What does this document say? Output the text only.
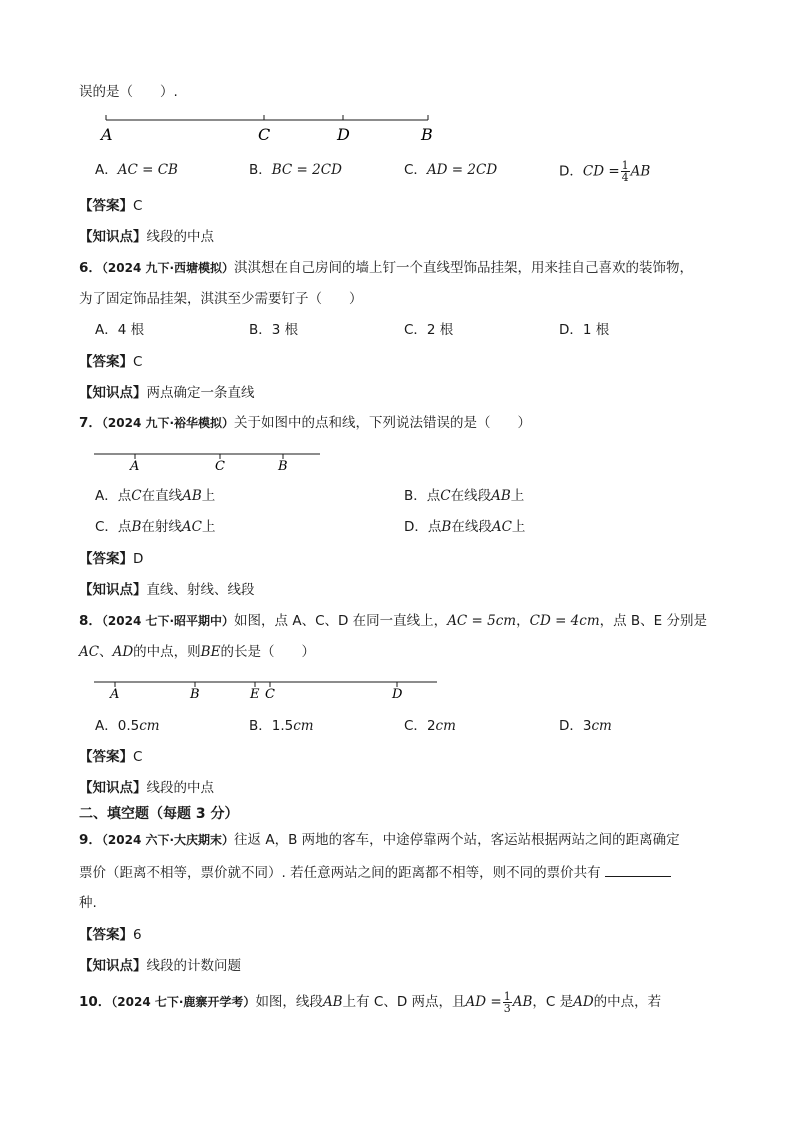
误的是（　　）.
A	C	D	B
A．AC = CB	B．BC = 2CD	C．AD = 2CD	D．CD = $\frac{1}{4}$ AB
【答案】C
【知识点】线段的中点
6．（2024 九下·西塘模拟）淇淇想在自己房间的墙上钉一个直线型饰品挂架，用来挂自己喜欢的装饰物，
为了固定饰品挂架，淇淇至少需要钉子（　　）
A．4 根	B．3 根	C．2 根	D．1 根
【答案】C
【知识点】两点确定一条直线
7．（2024 九下·裕华模拟）关于如图中的点和线，下列说法错误的是（　　）
A	C	B
A．点C在直线AB上	B．点C在线段AB上
C．点B在射线AC上	D．点B在线段AC上
【答案】D
【知识点】直线、射线、线段
8．（2024 七下·昭平期中）如图，点 A、C、D 在同一直线上，AC = 5cm，CD = 4cm，点 B、E 分别是
AC、AD的中点，则BE的长是（　　）
A	B	E C	D
A．0.5cm	B．1.5cm	C．2cm	D．3cm
【答案】C
【知识点】线段的中点
二、填空题（每题 3 分）
9．（2024 六下·大庆期末）往返 A，B 两地的客车，中途停靠两个站，客运站根据两站之间的距离确定
票价（距离不相等，票价就不同）. 若任意两站之间的距离都不相等，则不同的票价共有
种.
【答案】6
【知识点】线段的计数问题
10．（2024 七下·鹿寨开学考）如图，线段AB上有 C、D 两点，且AD = $\frac{1}{3}$ AB，C 是AD的中点，若
